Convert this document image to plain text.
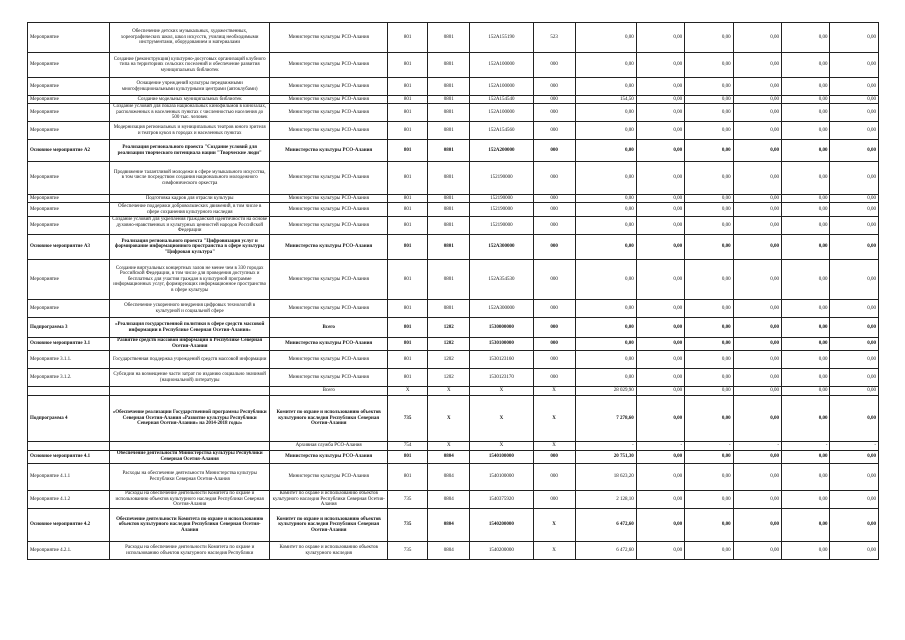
Мероприятие	Обеспечение детских музыкальных, художественных, хореографических школ, школ искусств, училищ необходимыми инструментами, оборудованием и материалами	Министерство культуры РСО-Алания	801	0801	152А155190	523	0,00	0,00	0,00	0,00	0,00	0,00
Мероприятие	Создание (реконструкция) культурно-досуговых организаций клубного типа на территориях сельских поселений и обеспечение развития муниципальных библиотек	Министерство культуры РСО-Алания	801	0801	152А100000	000	0,00	0,00	0,00	0,00	0,00	0,00
Мероприятие	Оснащение учреждений культуры передвижными многофункциональными культурными центрами (автоклубами)	Министерство культуры РСО-Алания	801	0801	152А100000	000	0,00	0,00	0,00	0,00	0,00	0,00
Мероприятие	Создание модельных муниципальных библиотек	Министерство культуры РСО-Алания	801	0801	152А154540	000	154,50	0,00	0,00	0,00	0,00	0,00
Мероприятие	Создание условий для показа национальных кинофильмов в кинозалах, расположенных в населенных пунктах с численностью населения до 500 тыс. человек	Министерство культуры РСО-Алания	801	0801	152А100000	000	0,00	0,00	0,00	0,00	0,00	0,00
Мероприятие	Модернизация региональных и муниципальных театров юного зрителя и театров кукол в городах и населенных пунктах	Министерство культуры РСО-Алания	801	0801	152А154560	000	0,00	0,00	0,00	0,00	0,00	0,00
Основное мероприятие А2	Реализация регионального проекта "Создание условий для реализации творческого потенциала нации "Творческие люди"	Министерство культуры РСО-Алания	801	0801	152А200000	000	0,00	0,00	0,00	0,00	0,00	0,00
Мероприятие	Продвижение талантливой молодежи в сфере музыкального искусства, в том числе посредством создания национального молодежного симфонического оркестра	Министерство культуры РСО-Алания	801	0801	152190000	000	0,00	0,00	0,00	0,00	0,00	0,00
Мероприятие	Подготовка кадров для отрасли культуры	Министерство культуры РСО-Алания	801	0801	152190000	000	0,00	0,00	0,00	0,00	0,00	0,00
Мероприятие	Обеспечение поддержки добровольческих движений, в том числе в сфере сохранения культурного наследия	Министерство культуры РСО-Алания	801	0801	152190000	000	0,00	0,00	0,00	0,00	0,00	0,00
Мероприятие	Создание условий для укрепления гражданской идентичности на основе духовно-нравственных и культурных ценностей народов Российской Федерации	Министерство культуры РСО-Алания	801	0801	152190000	000	0,00	0,00	0,00	0,00	0,00	0,00
Основное мероприятие А3	Реализация регионального проекта "Цифровизация услуг и формирование информационного пространства в сфере культуры "Цифровая культура"	Министерство культуры РСО-Алания	801	0801	152А300000	000	0,00	0,00	0,00	0,00	0,00	0,00
Мероприятие	Создание виртуальных концертных залов не менее чем в 330 городах Российской Федерации, в том числе для проведения доступных и бесплатных для участия граждан в культурной программе информационных услуг, формирующих информационное пространство в сфере культуры	Министерство культуры РСО-Алания	801	0801	152А354530	000	0,00	0,00	0,00	0,00	0,00	0,00
Мероприятие	Обеспечение ускоренного внедрения цифровых технологий в культурной и социальной сфере	Министерство культуры РСО-Алания	801	0801	152А300000	000	0,00	0,00	0,00	0,00	0,00	0,00
Подпрограмма 3	«Реализация государственной политики в сфере средств массовой информации в Республике Северная Осетия-Алания»	Всего	801	1202	1530000000	000	0,00	0,00	0,00	0,00	0,00	0,00
Основное мероприятие 3.1	Развитие средств массовой информации в Республике Северная Осетия-Алания	Министерство культуры РСО-Алания	801	1202	1530100000	000	0,00	0,00	0,00	0,00	0,00	0,00
Мероприятие 3.1.1.	Государственная поддержка учреждений средств массовой информации	Министерство культуры РСО-Алания	801	1202	1530123160	000	0,00	0,00	0,00	0,00	0,00	0,00
Мероприятие 3.1.2.	Субсидии на возмещение части затрат по изданию социально значимой (национальной) литературы	Министерство культуры РСО-Алания	801	1202	1530123170	000	0,00	0,00	0,00	0,00	0,00	0,00
		Всего	X	X	X	X	28 029,90	0,00	0,00	0,00	0,00	0,00
Подпрограмма 4	«Обеспечение реализации Государственной программы Республики Северная Осетия-Алания «Развитие культуры Республики Северная Осетия-Алания» на 2014-2018 годы»	Комитет по охране и использованию объектов культурного наследия Республики Северная Осетия-Алания	735	X	X	X	7 278,60	0,00	0,00	0,00	0,00	0,00
		Архивная служба РСО-Алания	754	X	X	X	-	-	-	-	-	-
Основное мероприятие 4.1	Обеспечение деятельности Министерства культуры Республики Северная Осетия-Алания	Министерство культуры РСО-Алания	801	0804	1540100000	000	20 751,30	0,00	0,00	0,00	0,00	0,00
Мероприятие 4.1.1	Расходы на обеспечение деятельности Министерства культуры Республики Северная Осетия-Алания	Министерство культуры РСО-Алания	801	0804	1540100000	000	18 623,20	0,00	0,00	0,00	0,00	0,00
Мероприятие 4.1.2	Расходы на обеспечение деятельности Комитета по охране и использованию объектов культурного наследия Республики Северная Осетия-Алания	Комитет по охране и использованию объектов культурного наследия Республики Северная Осетия-Алания	735	0804	1540375920	000	2 128,10	0,00	0,00	0,00	0,00	0,00
Основное мероприятие 4.2	Обеспечение деятельности Комитета по охране и использованию объектов культурного наследия Республики Северная Осетия-Алания	Комитет по охране и использованию объектов культурного наследия Республики Северная Осетия-Алания	735	0804	1540200000	X	6 472,60	0,00	0,00	0,00	0,00	0,00
Мероприятие 4.2.1.	Расходы на обеспечение деятельности Комитета по охране и использованию объектов культурного наследия Республики	Комитет по охране и использованию объектов культурного наследия	735	0804	1540200000	X	6 472,60	0,00	0,00	0,00	0,00	0,00
